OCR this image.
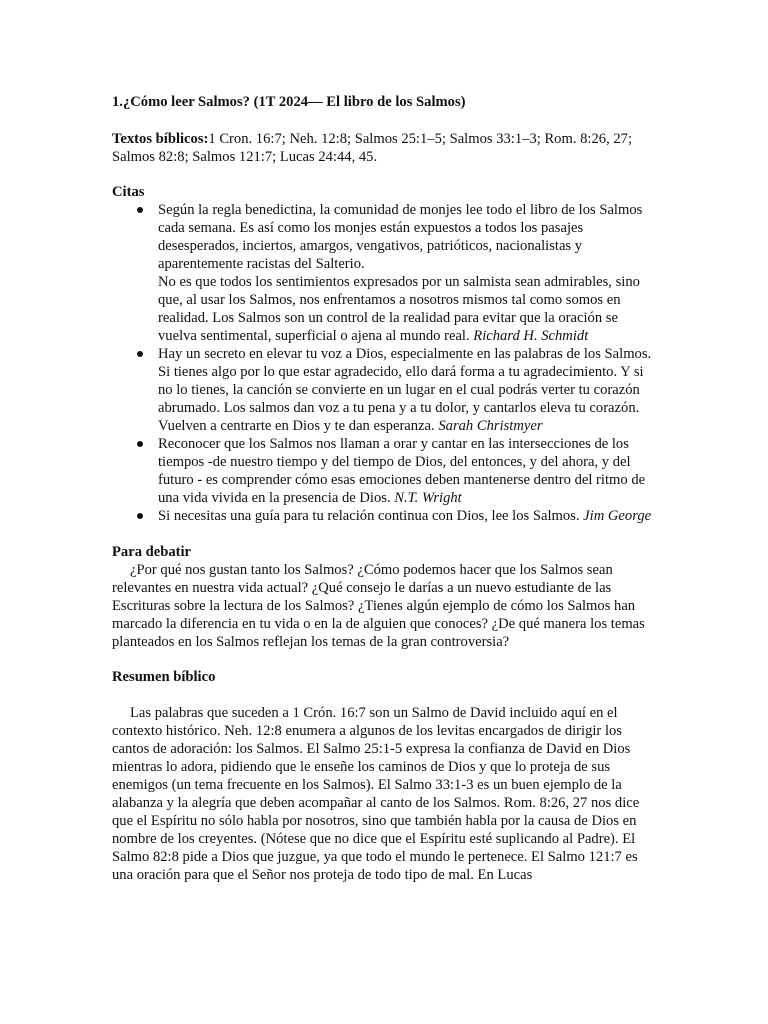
1.¿Cómo leer Salmos? (1T 2024— El libro de los Salmos)
Textos bíblicos:1 Cron. 16:7; Neh. 12:8; Salmos 25:1–5; Salmos 33:1–3; Rom. 8:26, 27; Salmos 82:8; Salmos 121:7; Lucas 24:44, 45.
Citas
Según la regla benedictina, la comunidad de monjes lee todo el libro de los Salmos cada semana. Es así como los monjes están expuestos a todos los pasajes desesperados, inciertos, amargos, vengativos, patrióticos, nacionalistas y aparentemente racistas del Salterio.
No es que todos los sentimientos expresados por un salmista sean admirables, sino que, al usar los Salmos, nos enfrentamos a nosotros mismos tal como somos en realidad. Los Salmos son un control de la realidad para evitar que la oración se vuelva sentimental, superficial o ajena al mundo real. Richard H. Schmidt
Hay un secreto en elevar tu voz a Dios, especialmente en las palabras de los Salmos. Si tienes algo por lo que estar agradecido, ello dará forma a tu agradecimiento. Y si no lo tienes, la canción se convierte en un lugar en el cual podrás verter tu corazón abrumado. Los salmos dan voz a tu pena y a tu dolor, y cantarlos eleva tu corazón. Vuelven a centrarte en Dios y te dan esperanza. Sarah Christmyer
Reconocer que los Salmos nos llaman a orar y cantar en las intersecciones de los tiempos -de nuestro tiempo y del tiempo de Dios, del entonces, y del ahora, y del futuro - es comprender cómo esas emociones deben mantenerse dentro del ritmo de una vida vivida en la presencia de Dios. N.T. Wright
Si necesitas una guía para tu relación continua con Dios, lee los Salmos. Jim George
Para debatir

¿Por qué nos gustan tanto los Salmos? ¿Cómo podemos hacer que los Salmos sean relevantes en nuestra vida actual? ¿Qué consejo le darías a un nuevo estudiante de las Escrituras sobre la lectura de los Salmos? ¿Tienes algún ejemplo de cómo los Salmos han marcado la diferencia en tu vida o en la de alguien que conoces? ¿De qué manera los temas planteados en los Salmos reflejan los temas de la gran controversia?

Resumen bíblico

Las palabras que suceden a 1 Crón. 16:7 son un Salmo de David incluido aquí en el contexto histórico. Neh. 12:8 enumera a algunos de los levitas encargados de dirigir los cantos de adoración: los Salmos. El Salmo 25:1-5 expresa la confianza de David en Dios mientras lo adora, pidiendo que le enseñe los caminos de Dios y que lo proteja de sus enemigos (un tema frecuente en los Salmos). El Salmo 33:1-3 es un buen ejemplo de la alabanza y la alegría que deben acompañar al canto de los Salmos. Rom. 8:26, 27 nos dice que el Espíritu no sólo habla por nosotros, sino que también habla por la causa de Dios en nombre de los creyentes. (Nótese que no dice que el Espíritu esté suplicando al Padre). El Salmo 82:8 pide a Dios que juzgue, ya que todo el mundo le pertenece. El Salmo 121:7 es una oración para que el Señor nos proteja de todo tipo de mal. En Lucas
